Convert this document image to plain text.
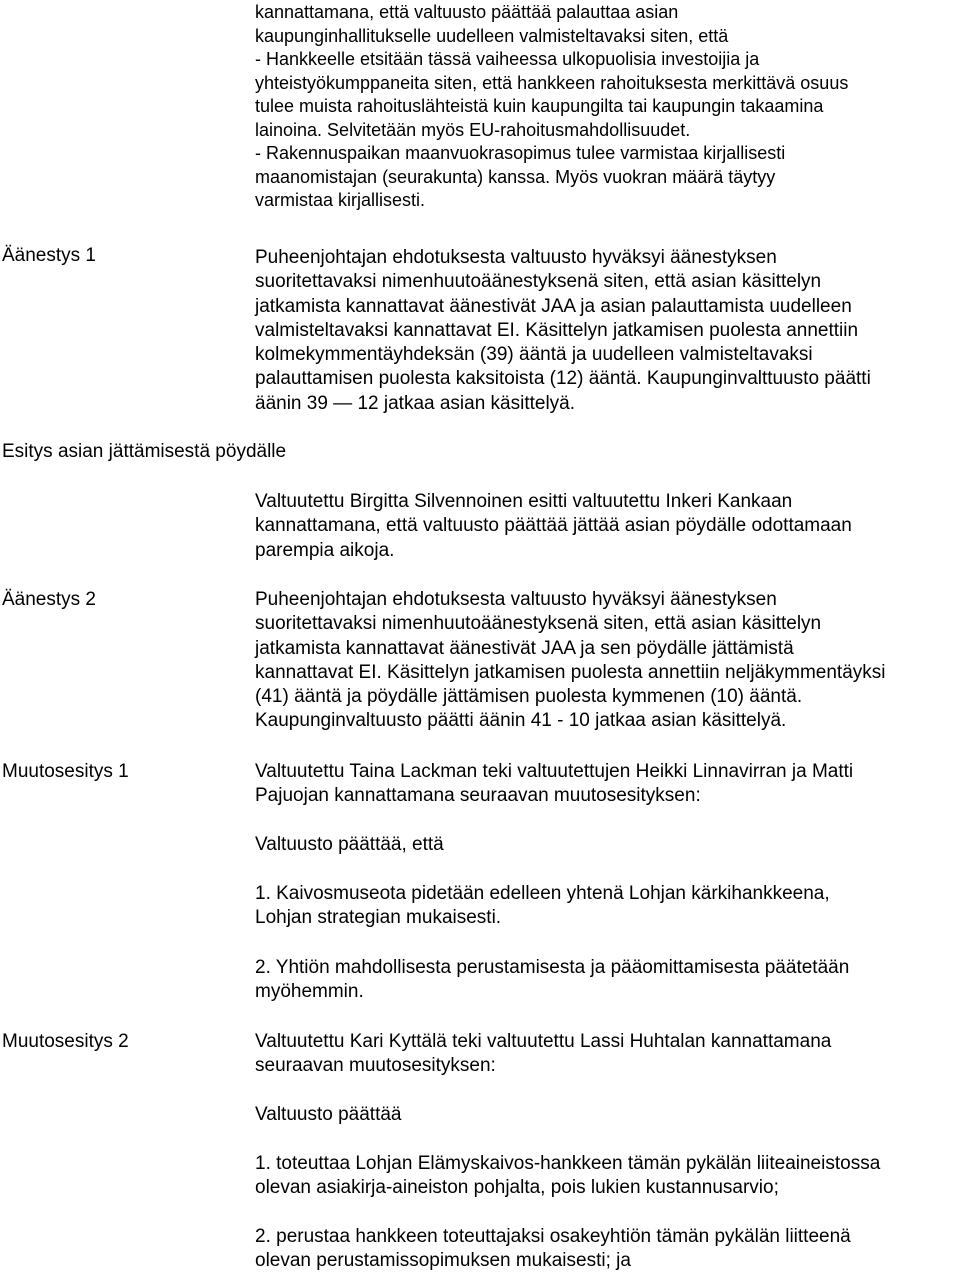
kannattamana, että valtuusto päättää palauttaa asian
kaupunginhallitukselle uudelleen valmisteltavaksi siten, että
- Hankkeelle etsitään tässä vaiheessa ulkopuolisia investoijia ja
yhteistyökumppaneita siten, että hankkeen rahoituksesta merkittävä osuus
tulee muista rahoituslähteistä kuin kaupungilta tai kaupungin takaamina
lainoina. Selvitetään myös EU-rahoitusmahdollisuudet.
- Rakennuspaikan maanvuokrasopimus tulee varmistaa kirjallisesti
maanomistajan (seurakunta) kanssa. Myös vuokran määrä täytyy
varmistaa kirjallisesti.
Äänestys 1	Puheenjohtajan ehdotuksesta valtuusto hyväksyi äänestyksen
suoritettavaksi nimenhuutoäänestyksenä siten, että asian käsittelyn
jatkamista kannattavat äänestivät JAA ja asian palauttamista uudelleen
valmisteltavaksi kannattavat EI. Käsittelyn jatkamisen puolesta annettiin
kolmekymmentäyhdeksän (39) ääntä ja uudelleen valmisteltavaksi
palauttamisen puolesta kaksitoista (12) ääntä. Kaupunginvalttuusto päätti
äänin 39 — 12 jatkaa asian käsittelyä.
Esitys asian jättämisestä pöydälle
Valtuutettu Birgitta Silvennoinen esitti valtuutettu Inkeri Kankaan
kannattamana, että valtuusto päättää jättää asian pöydälle odottamaan
parempia aikoja.
Äänestys 2	Puheenjohtajan ehdotuksesta valtuusto hyväksyi äänestyksen
suoritettavaksi nimenhuutoäänestyksenä siten, että asian käsittelyn
jatkamista kannattavat äänestivät JAA ja sen pöydälle jättämistä
kannattavat EI. Käsittelyn jatkamisen puolesta annettiin neljäkymmentäyksi
(41) ääntä ja pöydälle jättämisen puolesta kymmenen (10) ääntä.
Kaupunginvaltuusto päätti äänin 41 - 10 jatkaa asian käsittelyä.
Muutosesitys 1	Valtuutettu Taina Lackman teki valtuutettujen Heikki Linnavirran ja Matti
Pajuojan kannattamana seuraavan muutosesityksen:
Valtuusto päättää, että
1. Kaivosmuseota pidetään edelleen yhtenä Lohjan kärkihankkeena,
Lohjan strategian mukaisesti.
2. Yhtiön mahdollisesta perustamisesta ja pääomittamisesta päätetään
myöhemmin.
Muutosesitys 2	Valtuutettu Kari Kyttälä teki valtuutettu Lassi Huhtalan kannattamana
seuraavan muutosesityksen:
Valtuusto päättää
1. toteuttaa Lohjan Elämyskaivos-hankkeen tämän pykälän liiteaineistossa
olevan asiakirja-aineiston pohjalta, pois lukien kustannusarvio;
2. perustaa hankkeen toteuttajaksi osakeyhtiön tämän pykälän liitteenä
olevan perustamissopimuksen mukaisesti; ja
